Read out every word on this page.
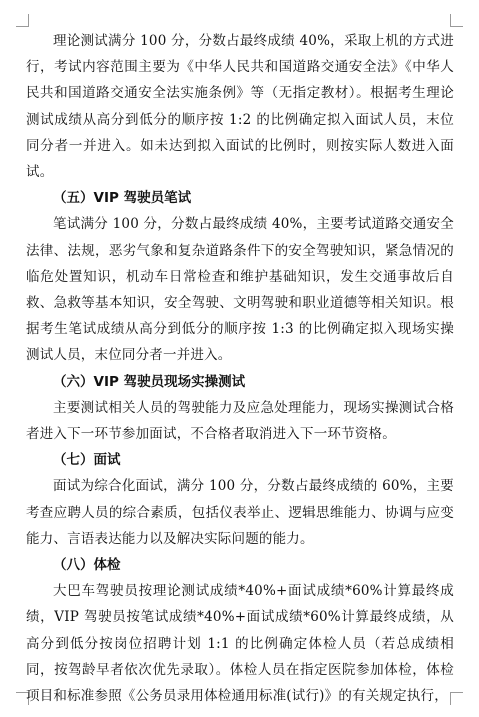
理论测试满分 100 分，分数占最终成绩 40%，采取上机的方式进行，考试内容范围主要为《中华人民共和国道路交通安全法》《中华人民共和国道路交通安全法实施条例》等（无指定教材）。根据考生理论测试成绩从高分到低分的顺序按 1:2 的比例确定拟入面试人员，末位同分者一并进入。如未达到拟入面试的比例时，则按实际人数进入面试。

（五）VIP 驾驶员笔试

笔试满分 100 分，分数占最终成绩 40%，主要考试道路交通安全法律、法规，恶劣气象和复杂道路条件下的安全驾驶知识，紧急情况的临危处置知识，机动车日常检查和维护基础知识，发生交通事故后自救、急救等基本知识，安全驾驶、文明驾驶和职业道德等相关知识。根据考生笔试成绩从高分到低分的顺序按 1:3 的比例确定拟入现场实操测试人员，末位同分者一并进入。

（六）VIP 驾驶员现场实操测试

主要测试相关人员的驾驶能力及应急处理能力，现场实操测试合格者进入下一环节参加面试，不合格者取消进入下一环节资格。

（七）面试

面试为综合化面试，满分 100 分，分数占最终成绩的 60%，主要考查应聘人员的综合素质，包括仪表举止、逻辑思维能力、协调与应变能力、言语表达能力以及解决实际问题的能力。

（八）体检

大巴车驾驶员按理论测试成绩*40%+面试成绩*60%计算最终成绩，VIP 驾驶员按笔试成绩*40%+面试成绩*60%计算最终成绩，从高分到低分按岗位招聘计划 1:1 的比例确定体检人员（若总成绩相同，按驾龄早者依次优先录取）。体检人员在指定医院参加体检，体检项目和标准参照《公务员录用体检通用标准(试行)》的有关规定执行，
